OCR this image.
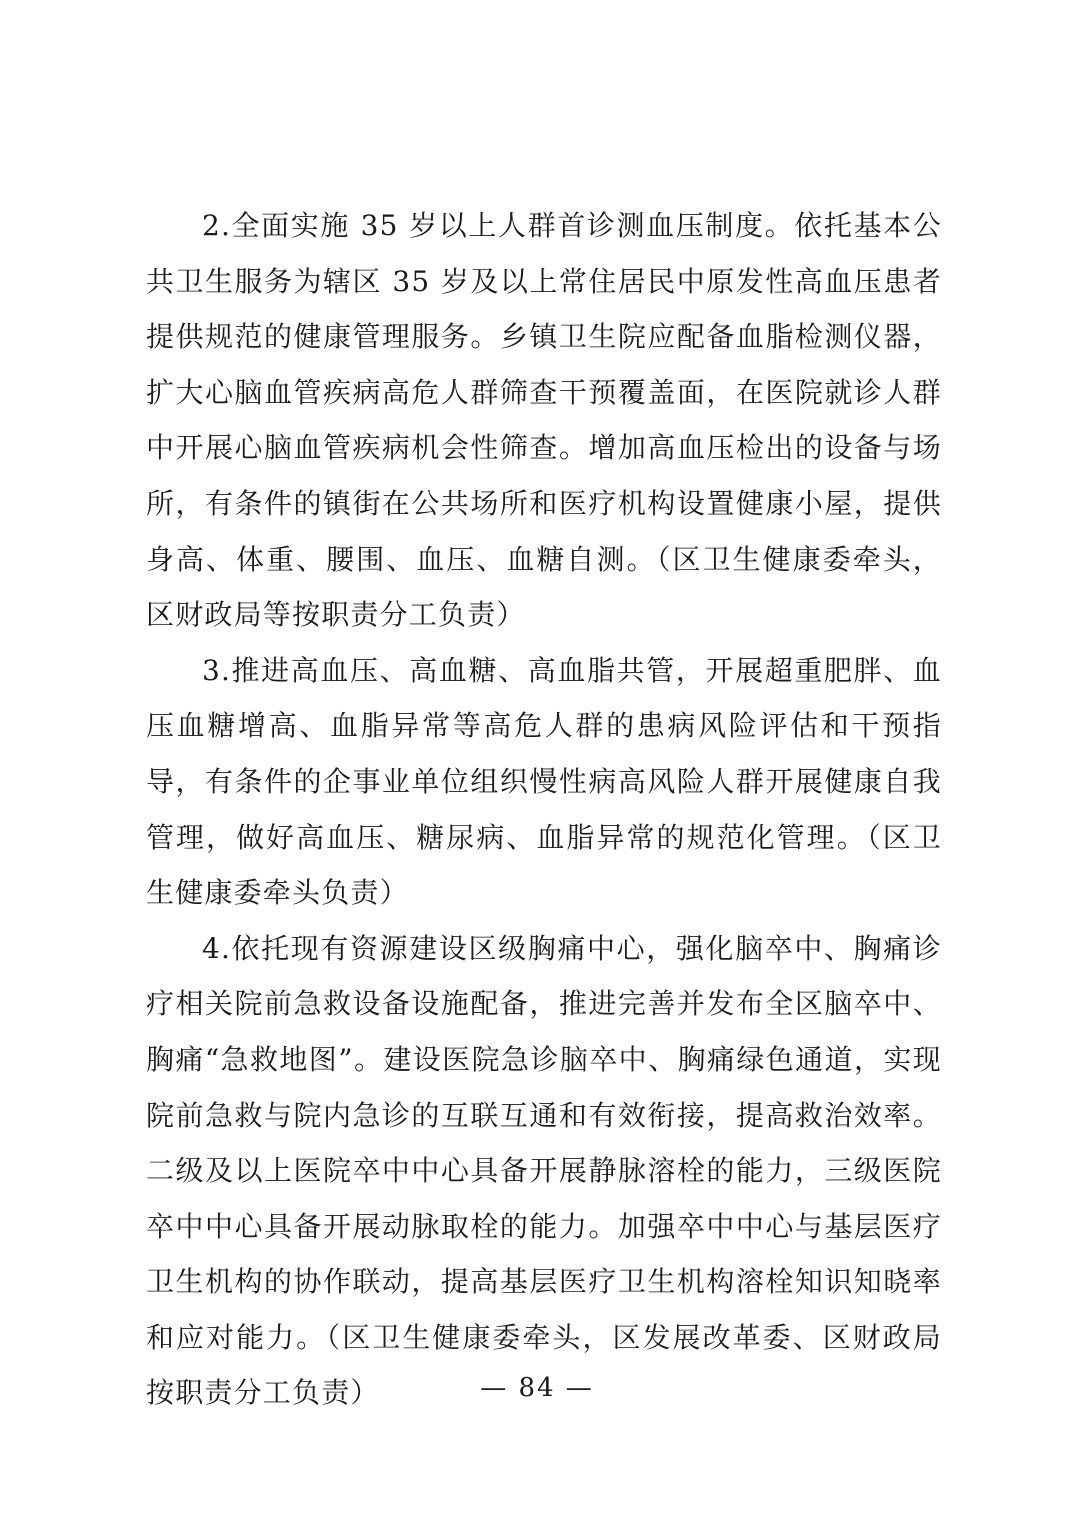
2.全面实施 35 岁以上人群首诊测血压制度。依托基本公共卫生服务为辖区 35 岁及以上常住居民中原发性高血压患者提供规范的健康管理服务。乡镇卫生院应配备血脂检测仪器，扩大心脑血管疾病高危人群筛查干预覆盖面，在医院就诊人群中开展心脑血管疾病机会性筛查。增加高血压检出的设备与场所，有条件的镇街在公共场所和医疗机构设置健康小屋，提供身高、体重、腰围、血压、血糖自测。（区卫生健康委牵头，区财政局等按职责分工负责）

3.推进高血压、高血糖、高血脂共管，开展超重肥胖、血压血糖增高、血脂异常等高危人群的患病风险评估和干预指导，有条件的企事业单位组织慢性病高风险人群开展健康自我管理，做好高血压、糖尿病、血脂异常的规范化管理。（区卫生健康委牵头负责）

4.依托现有资源建设区级胸痛中心，强化脑卒中、胸痛诊疗相关院前急救设备设施配备，推进完善并发布全区脑卒中、胸痛“急救地图”。建设医院急诊脑卒中、胸痛绿色通道，实现院前急救与院内急诊的互联互通和有效衔接，提高救治效率。二级及以上医院卒中中心具备开展静脉溶栓的能力，三级医院卒中中心具备开展动脉取栓的能力。加强卒中中心与基层医疗卫生机构的协作联动，提高基层医疗卫生机构溶栓知识知晓率和应对能力。（区卫生健康委牵头，区发展改革委、区财政局按职责分工负责）	— 84 —
